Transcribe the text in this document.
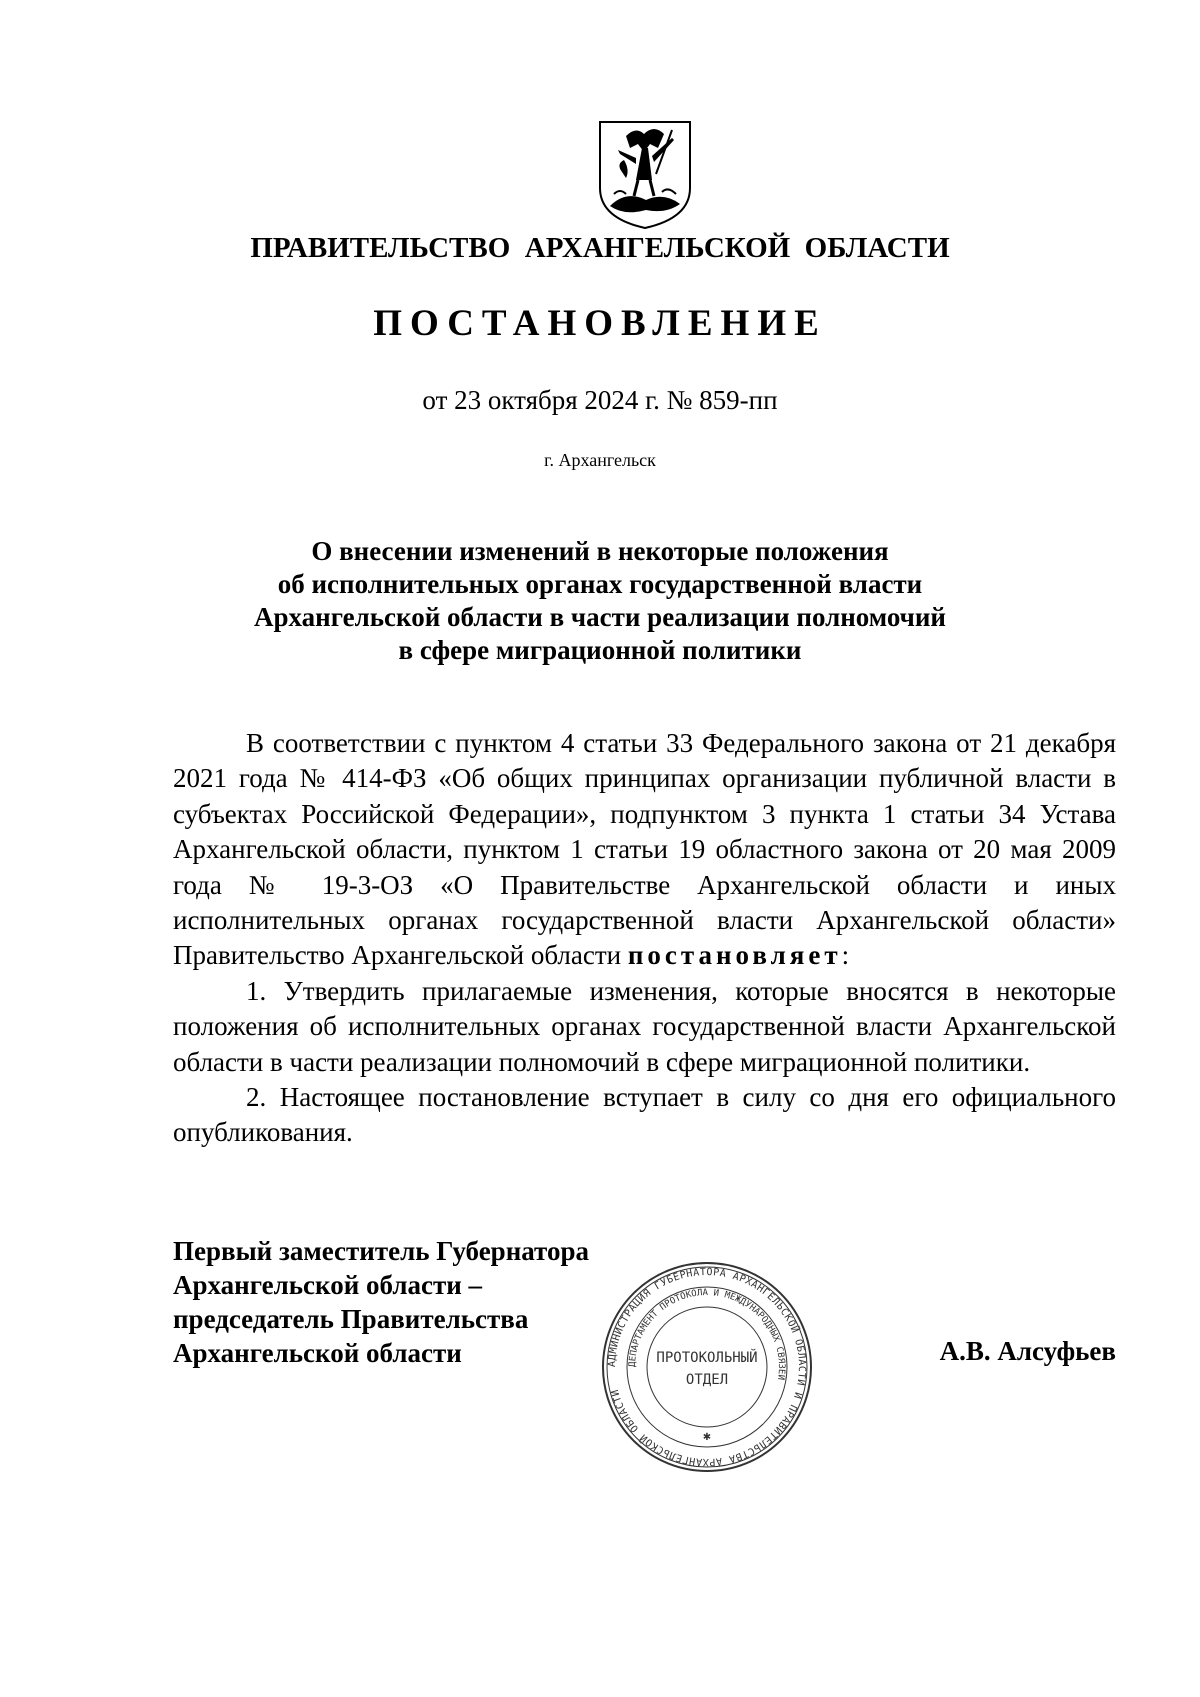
ПРАВИТЕЛЬСТВО  АРХАНГЕЛЬСКОЙ  ОБЛАСТИ
ПОСТАНОВЛЕНИЕ
от 23 октября 2024 г. № 859-пп
г. Архангельск
О внесении изменений в некоторые положения
об исполнительных органах государственной власти
Архангельской области в части реализации полномочий
в сфере миграционной политики

В соответствии с пунктом 4 статьи 33 Федерального закона от 21 декабря 2021 года № 414-ФЗ «Об общих принципах организации публичной власти в субъектах Российской Федерации», подпунктом 3 пункта 1 статьи 34 Устава Архангельской области, пунктом 1 статьи 19 областного закона от 20 мая 2009 года № 19-3-ОЗ «О Правительстве Архангельской области и иных исполнительных органах государственной власти Архангельской области» Правительство Архангельской области постановляет:

1. Утвердить прилагаемые изменения, которые вносятся в некоторые положения об исполнительных органах государственной власти Архангельской области в части реализации полномочий в сфере миграционной политики.

2. Настоящее постановление вступает в силу со дня его официального опубликования.

Первый заместитель Губернатора
Архангельской области –
председатель Правительства
Архангельской области	А.В. Алсуфьев
АДМИНИСТРАЦИЯ ГУБЕРНАТОРА АРХАНГЕЛЬСКОЙ ОБЛАСТИ И ПРАВИТЕЛЬСТВА АРХАНГЕЛЬСКОЙ ОБЛАСТИ
ДЕПАРТАМЕНТ ПРОТОКОЛА И МЕЖДУНАРОДНЫХ СВЯЗЕЙ
ПРОТОКОЛЬНЫЙ
ОТДЕЛ
✱
